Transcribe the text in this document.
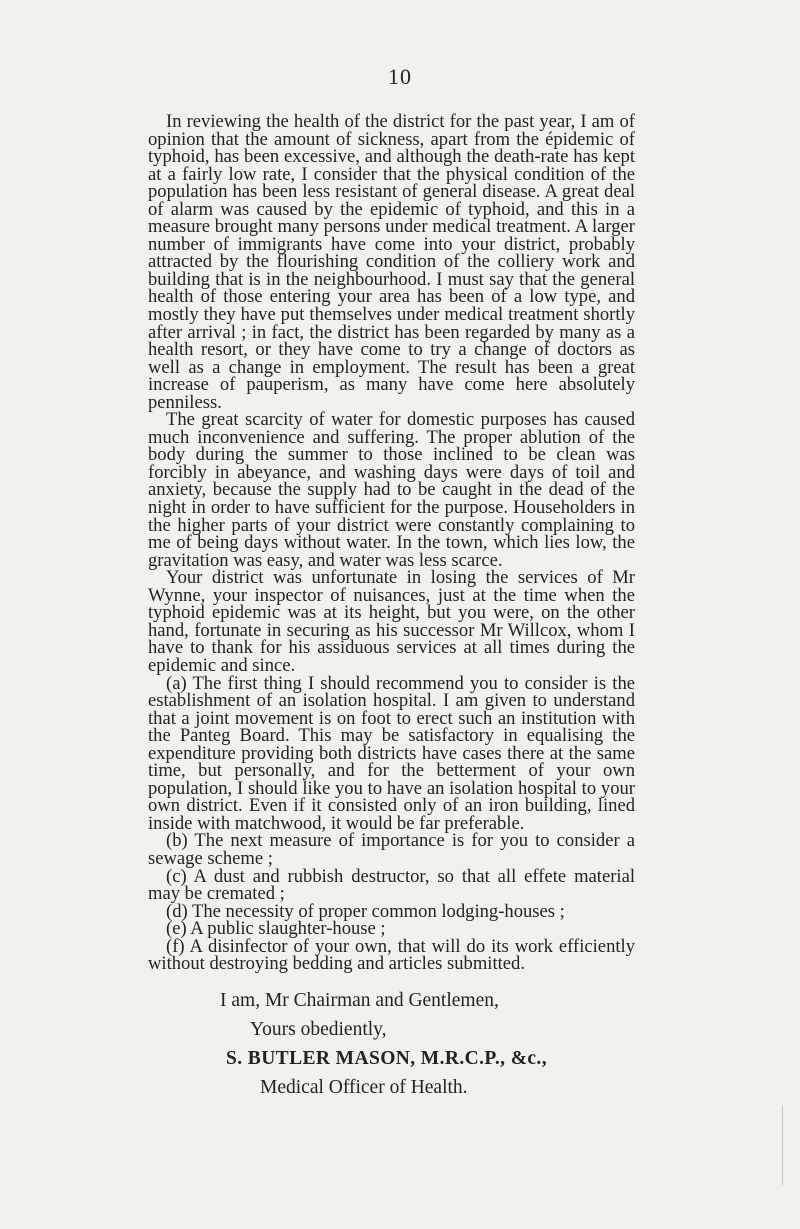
10

In reviewing the health of the district for the past year, I am of opinion that the amount of sickness, apart from the épidemic of typhoid, has been excessive, and although the death-rate has kept at a fairly low rate, I consider that the physical condition of the population has been less resistant of general disease. A great deal of alarm was caused by the epidemic of typhoid, and this in a measure brought many persons under medical treatment. A larger number of immigrants have come into your district, probably attracted by the flourishing condition of the colliery work and building that is in the neighbourhood. I must say that the general health of those entering your area has been of a low type, and mostly they have put themselves under medical treatment shortly after arrival ; in fact, the district has been regarded by many as a health resort, or they have come to try a change of doctors as well as a change in employment. The result has been a great increase of pauperism, as many have come here absolutely penniless.

The great scarcity of water for domestic purposes has caused much inconvenience and suffering. The proper ablution of the body during the summer to those inclined to be clean was forcibly in abeyance, and washing days were days of toil and anxiety, because the supply had to be caught in the dead of the night in order to have sufficient for the purpose. Householders in the higher parts of your district were constantly complaining to me of being days without water. In the town, which lies low, the gravitation was easy, and water was less scarce.

Your district was unfortunate in losing the services of Mr Wynne, your inspector of nuisances, just at the time when the typhoid epidemic was at its height, but you were, on the other hand, fortunate in securing as his successor Mr Willcox, whom I have to thank for his assiduous services at all times during the epidemic and since.

(a) The first thing I should recommend you to consider is the establishment of an isolation hospital. I am given to understand that a joint movement is on foot to erect such an institution with the Panteg Board. This may be satisfactory in equalising the expenditure providing both districts have cases there at the same time, but personally, and for the betterment of your own population, I should like you to have an isolation hospital to your own district. Even if it consisted only of an iron building, lined inside with matchwood, it would be far preferable.

(b) The next measure of importance is for you to consider a sewage scheme ;

(c) A dust and rubbish destructor, so that all effete material may be cremated ;

(d) The necessity of proper common lodging-houses ;

(e) A public slaughter-house ;

(f) A disinfector of your own, that will do its work efficiently without destroying bedding and articles submitted.

I am, Mr Chairman and Gentlemen,
Yours obediently,
S. BUTLER MASON, M.R.C.P., &c.,
Medical Officer of Health.
